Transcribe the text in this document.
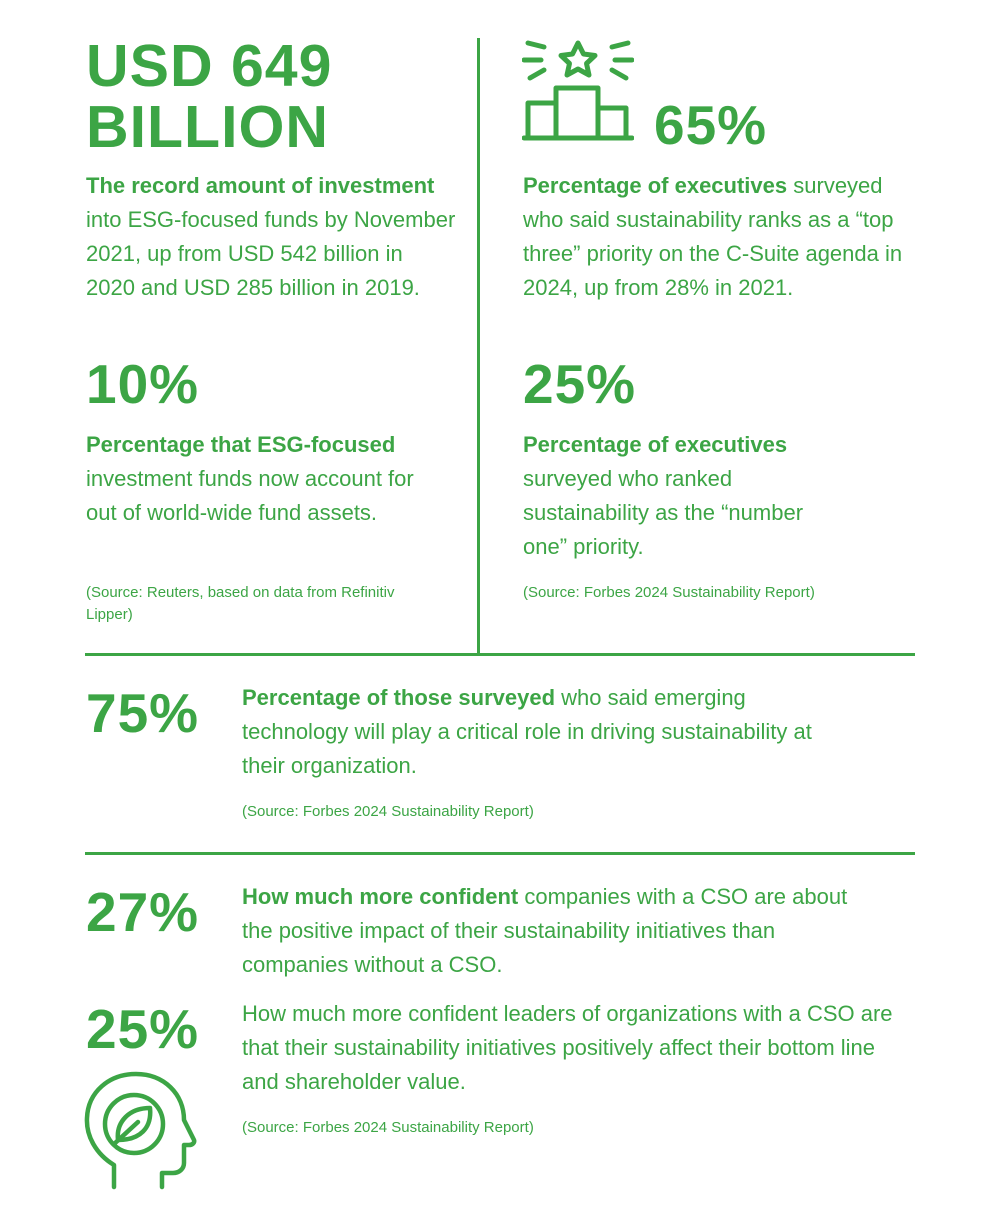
USD 649
BILLION
The record amount of investment into ESG-focused funds by November 2021, up from USD 542 billion in 2020 and USD 285 billion in 2019.
65%
Percentage of executives surveyed who said sustainability ranks as a “top three” priority on the C-Suite agenda in 2024, up from 28% in 2021.
10%
Percentage that ESG-focused investment funds now account for out of world-wide fund assets.
(Source: Reuters, based on data from Refinitiv Lipper)
25%
Percentage of executives surveyed who ranked sustainability as the “number one” priority.
(Source: Forbes 2024 Sustainability Report)
75% Percentage of those surveyed who said emerging technology will play a critical role in driving sustainability at their organization.
(Source: Forbes 2024 Sustainability Report)
27% How much more confident companies with a CSO are about the positive impact of their sustainability initiatives than companies without a CSO.
25% How much more confident leaders of organizations with a CSO are that their sustainability initiatives positively affect their bottom line and shareholder value.
(Source: Forbes 2024 Sustainability Report)
